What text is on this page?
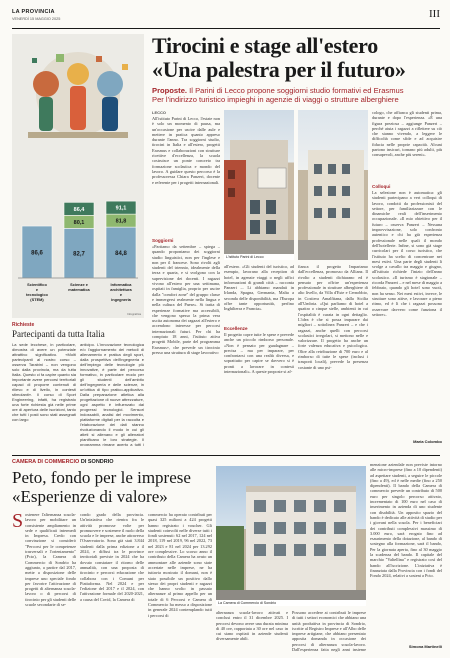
LA PROVINCIA
VENERDÌ 15 MAGGIO 2025	III
86,6
Scientifico
e
tecnologico
(STEM)
82,7
80,1
86,4
Scienze e
matematica
84,8
81,8
91,1
Informatica
architettura
e
ingegneria
Infografica
Richieste
Partecipanti da tutta Italia
La sede lecchese, in particolare, dimostra di avere un potenziale attrattivo significativo. «Molti partecipanti al nostro corso – osserva Tarabini – non vengono solo dalla provincia, ma da tutta Italia. Questo ci fa capire quanto sia importante avere percorsi territoriali capaci di proporre contenuti di rilievo e di livello, in contesti stimolanti». Il corso di Sport Engineering, infatti, ha registrato una forte richiesta già nelle prime ore di apertura delle iscrizioni, tanto che tutti i posti sono stati assegnati con largo
anticipo. L'innovazione tecnologica e/o l'aggiornamento dei metodi di allenamento e pratica degli sport, dalla prospettiva dell'ingegneria e dell'impiego delle tecnologie più innovative, è parte del percorso formativo, in particolare modo per gli studenti dell'ambito dell'ingegneria e delle scienze, in un'ottica di tipo pratico-applicativo. Dalla preparazione atletica alla progettazione di nuove attrezzature, ogni aspetto è influenzato dai progressi tecnologici. Sensori indossabili, analisi del movimento, piattaforme digitali per la raccolta e l'elaborazione dei dati stanno rivoluzionando il modo in cui gli atleti si allenano e gli allenatori pianificano le loro strategie. Il programma rimane aperto a tutti i
Tirocini e stage all'estero
«Una palestra per il futuro»
Proposte. Il Parini di Lecco propone soggiorni studio formativi ed Erasmus
Per l'indirizzo turistico impieghi in agenzie di viaggi o strutture alberghiere
LECCO
All'istituto Parini di Lecco, l'estate non è solo un momento di pausa, ma un'occasione per uscire dalle aule e mettere in pratica quanto appreso durante l'anno. Tra soggiorni studio, tirocini in Italia e all'estero, progetti Erasmus e collaborazioni con strutture ricettive d'eccellenza, la scuola costruisce un ponte concreto tra formazione scolastica e mondo del lavoro. A guidare questo percorso è la professoressa Chiara Panzeri, docente e referente per i progetti internazionali.
Soggiorni
«Partiamo da settembre – spiega – quando proponiamo dei soggiorni studio linguistici, non per l'inglese e non per il francese. Sono rivolti agli studenti del triennio, idealmente della terza e quarta, e si svolgono con la supervisione dei docenti. I ragazzi vivono all'estero per una settimana, ospitati in famiglia, proprio per uscire dalla "comfort zone" del gruppo classe e immergersi realmente nella lingua e nella cultura del Paese». Si tratta di esperienze formative ma accessibili, che vengono spesso la prima vera uscita autonoma dei ragazzi all'estero e accendono interesse per percorsi internazionali futuri. Per chi ha compiuto 18 anni, l'istituto attiva progetti Mobile, parte del programma Erasmus+, che prevede un tirocinio presso una struttura di stage lavorativo
L'istituto Parini di Lecco
all'estero. «Gli studenti del turistico, ad esempio, lavorano alla reception di hotel, in agenzie viaggi o negli uffici informazioni di grandi città – racconta Panzeri –. Li abbiamo mandati in Irlanda, Spagna, Germania, Malta a seconda delle disponibilità, ma l'Europa offre tante opportunità, perfino Inghilterra e Francia».
Eccellenze
Il progetto copre tutte le spese e prevede anche un piccolo rimborso personale. «Non è pensato per guadagnare – precisa – ma per imparare, per confrontarsi con una realtà diversa, e soprattutto per capire se davvero si è pronti a lavorare in contesti internazionali». A queste proposte si af-
fianca il progetto Impariamo dall'eccellenza, promosso da Allianz. Il rivolto a studenti dichiarano ed è pensato per offrire un'esperienza professionale in strutture alberghiere di alto livello, da Villa d'Este e Cernobbio, in Costiera Amalfitana, dalla Sicilia all'Umbria. «Qui parliamo di hotel a quattro o cinque stelle, ambienti in cui l'ospitalità è curata in ogni dettaglio. L'idea è che si possa imparare dai migliori – sottolinea Panzeri – e che i ragazzi, anche quelli con percorsi scolastici irregolari, si mettono nelle e valorizzare. Il progetto ha anche un forte valenza educativa e psicologica. Oltre alla retribuzione di 700 euro e al rimborso di tutte le spese (inclusi i trasporti locali), prevede la presenza costante di uno psi-
cologo, che affianca gli studenti prima, durante e dopo l'esperienza. «È una figura preziosa – aggiunge Panzeri – perché aiuta i ragazzi a riflettere su ciò che stanno vivendo, a leggere le difficoltà come sfide e ad acquisire fiducia nelle proprie capacità. Alcuni partono insicuri, tornano più adulti, più consapevoli, anche più sereni».
Colloqui
La selezione non è automatica: gli studenti partecipano a veri colloqui di lavoro, condotti da professionisti del settore, per familiarizzare con le dinamiche reali dell'inserimento occupazionale. «Il mio obiettivo per il futuro – osserva Panzeri – Nessuna improvvisazione, solo confronto autentico e chi ha già esperienza professionale nelle quali il mondo dell'hotellerie. Infine, si sono già stage curricolari per il corso turistico, che l'istituto ha scelto di concentrare nei mesi estivi. Una parte degli studenti li svolge a cavallo tra maggio e giugno, all'istituto richiede l'inizio dell'anno scolastico. «Il turismo è stagionale – ricorda Panzeri – e nel mese di maggio a febbraio, quando gli hotel sono vuoti, non ha senso. Nei mesi estivi, invece, le strutture sono attive, e lavorare a pieno ritmo, ed è lì che i ragazzi possono osservare davvero come funziona il settore».
Maria Colombo
CAMERA DI COMMERCIO DI SONDRIO
Peto, fondo per le imprese
«Esperienze di valore»
S ostenere l'alternanza scuola-lavoro per mobilitare un consistente ampliamento in sede e qualificati intermedi in Impresa. Credo con convinzione si considerò "Percorsi per le competenze trasversali e l'orientamento" (Pcto), la Camera di Commercio di Sondrio ha aggiunto, a partire dal 2017, mette a disposizione delle imprese uno speciale fondo per favorire l'attivazione di progetti di alternanza scuola-lavoro o di percorsi di tirocinio per gli studenti delle scuole secondarie di se-
condo grado della provincia. Un'iniziativa che rientra fra le attività promosse volte per promuovere e sostenere il ruolo della scuola e le imprese, anche attraverso l'Osservatorio. Sono già stati 3.844 studenti dalla prima edizione a il 2024, e diffusi tra le province territoriali previste in 2024 che ha dovuto constatare il ritorno delle annualità, con una proposta di tirocinio e percorsi educazione che collabora con i Comuni per Piattaforma. Nel 2024 e per l'edizione del 2017 e il 2024, con l'attivazione formale del 2020-2021, a causa del Covid, la Camera di
commercio ha operato contributi per quasi 325 milioni a 424 progetti hanno registrato i voucher. Gli studenti coinvolti nelle diverse tutti i fondi sostenuti: 62 nel 2017, 124 nel 2018, 119 nel 2019, 96 nel 2022, 73 nel 2023 e 81 nel 2024 per 13.292 ore complessive. Lo scorso anno il contributo della Camera ha avuto un ammontare alle aziende sono state accertate nelle imprese, ne ha tuttavia mostrato il domani, non è stato possibile un positivo dallo stesso dei propri studenti e ragazzi che hanno svolto in passato alternanze al primo appello per un totale di 6 Percorsi e Camera di Commercio ha messo a disposizione in generale 2024 contemplando tutti i percorsi di
La Camera di Commercio di Sondrio
alternanza scuola-lavoro attivati e conclusi entro il 31 dicembre 2025. I percorsi devono avere una durata minima di 40 ore, rapportata a 30 ore nel caso in cui siano ospitati in aziende studenti diversamente abili.
Possono accedere ai contributi le imprese di tutti i settori economici che abbiano una unità produttiva in provincia di Sondrio, iscritte al Registro Imprese e all'Albo delle imprese artigiane, che abbiano presentato apposita domanda in occasione dei percorsi di alternanza scuola-lavoro. Dall'esperienza fatta negli anni insieme
menzione aziendale non previste intorno alle micro-imprese (fino a 10 dipendenti) ad aspettare studenti, a seguire le piccole (fino a 49), ed è nelle medie (fino a 250 dipendenti). Il bando della Camera di commercio prevede un contributo di 500 euro per singolo percorso attivato, incrementato di 100 euro nel caso di inserimento in azienda di uno studente con disabilità. Un apposito spazio del bando è dedicato alle attività di studio per i giovani nella scuola. Per i beneficiari dei contributi complessivi massimo di 3.000 euro, sarà erogato fino ad esaurimento della dotazione, al bando di sostegno alla formazione, sarà il bando, Per la giornata aperta, fino al 30 maggio la scadenza del bando. Il capitale del marchio "Valtellina" e registrato così del bando all'iscrizione. L'iniziativa è finanziata dalla Provincia con i fondi del Fondo 2024, relativi a sosteni a Pcto.
Simona Martinelli
